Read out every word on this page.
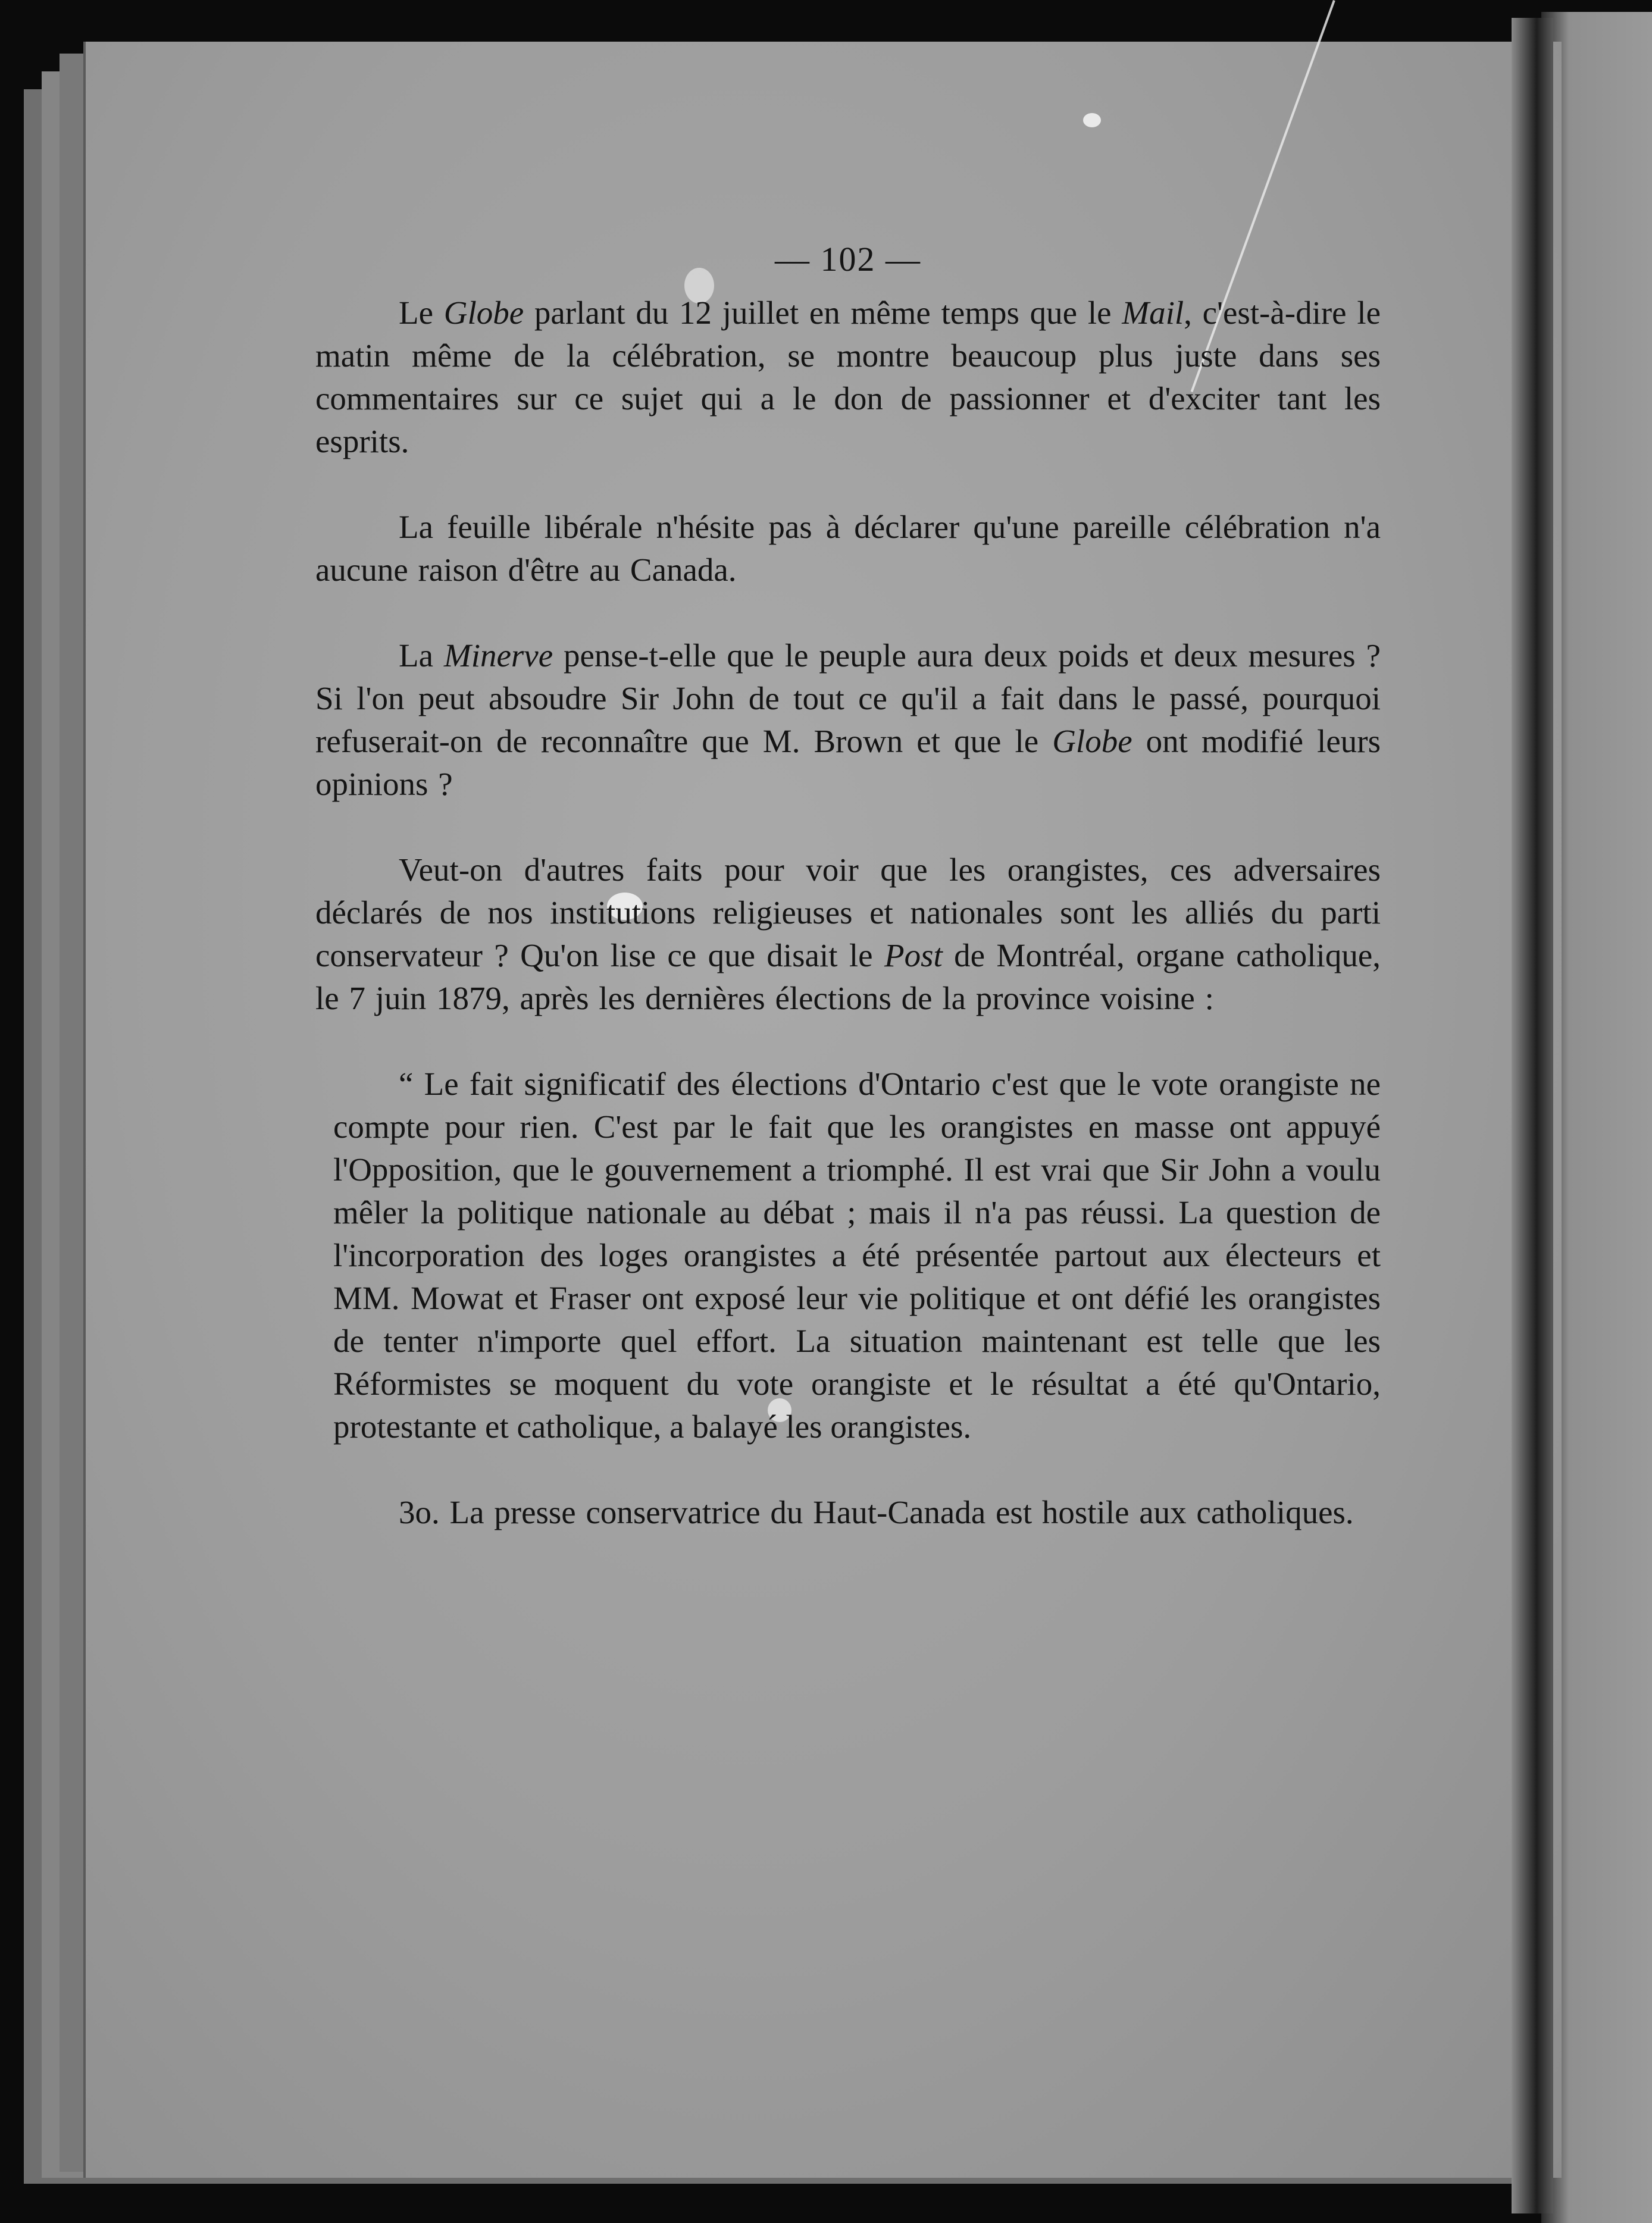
— 102 —

Le Globe parlant du 12 juillet en même temps que le Mail, c'est-à-dire le matin même de la célébration, se montre beaucoup plus juste dans ses commentaires sur ce sujet qui a le don de passionner et d'exciter tant les esprits.

La feuille libérale n'hésite pas à déclarer qu'une pareille célébration n'a aucune raison d'être au Canada.

La Minerve pense-t-elle que le peuple aura deux poids et deux mesures ? Si l'on peut absoudre Sir John de tout ce qu'il a fait dans le passé, pourquoi refuserait-on de reconnaître que M. Brown et que le Globe ont modifié leurs opinions ?

Veut-on d'autres faits pour voir que les orangistes, ces adversaires déclarés de nos institutions religieuses et nationales sont les alliés du parti conservateur ? Qu'on lise ce que disait le Post de Montréal, organe catholique, le 7 juin 1879, après les dernières élections de la province voisine :

“ Le fait significatif des élections d'Ontario c'est que le vote orangiste ne compte pour rien. C'est par le fait que les orangistes en masse ont appuyé l'Opposition, que le gouvernement a triomphé. Il est vrai que Sir John a voulu mêler la politique nationale au débat ; mais il n'a pas réussi. La question de l'incorporation des loges orangistes a été présentée partout aux électeurs et MM. Mowat et Fraser ont exposé leur vie politique et ont défié les orangistes de tenter n'importe quel effort. La situation maintenant est telle que les Réformistes se moquent du vote orangiste et le résultat a été qu'Ontario, protestante et catholique, a balayé les orangistes.

3o. La presse conservatrice du Haut-Canada est hostile aux catholiques.
